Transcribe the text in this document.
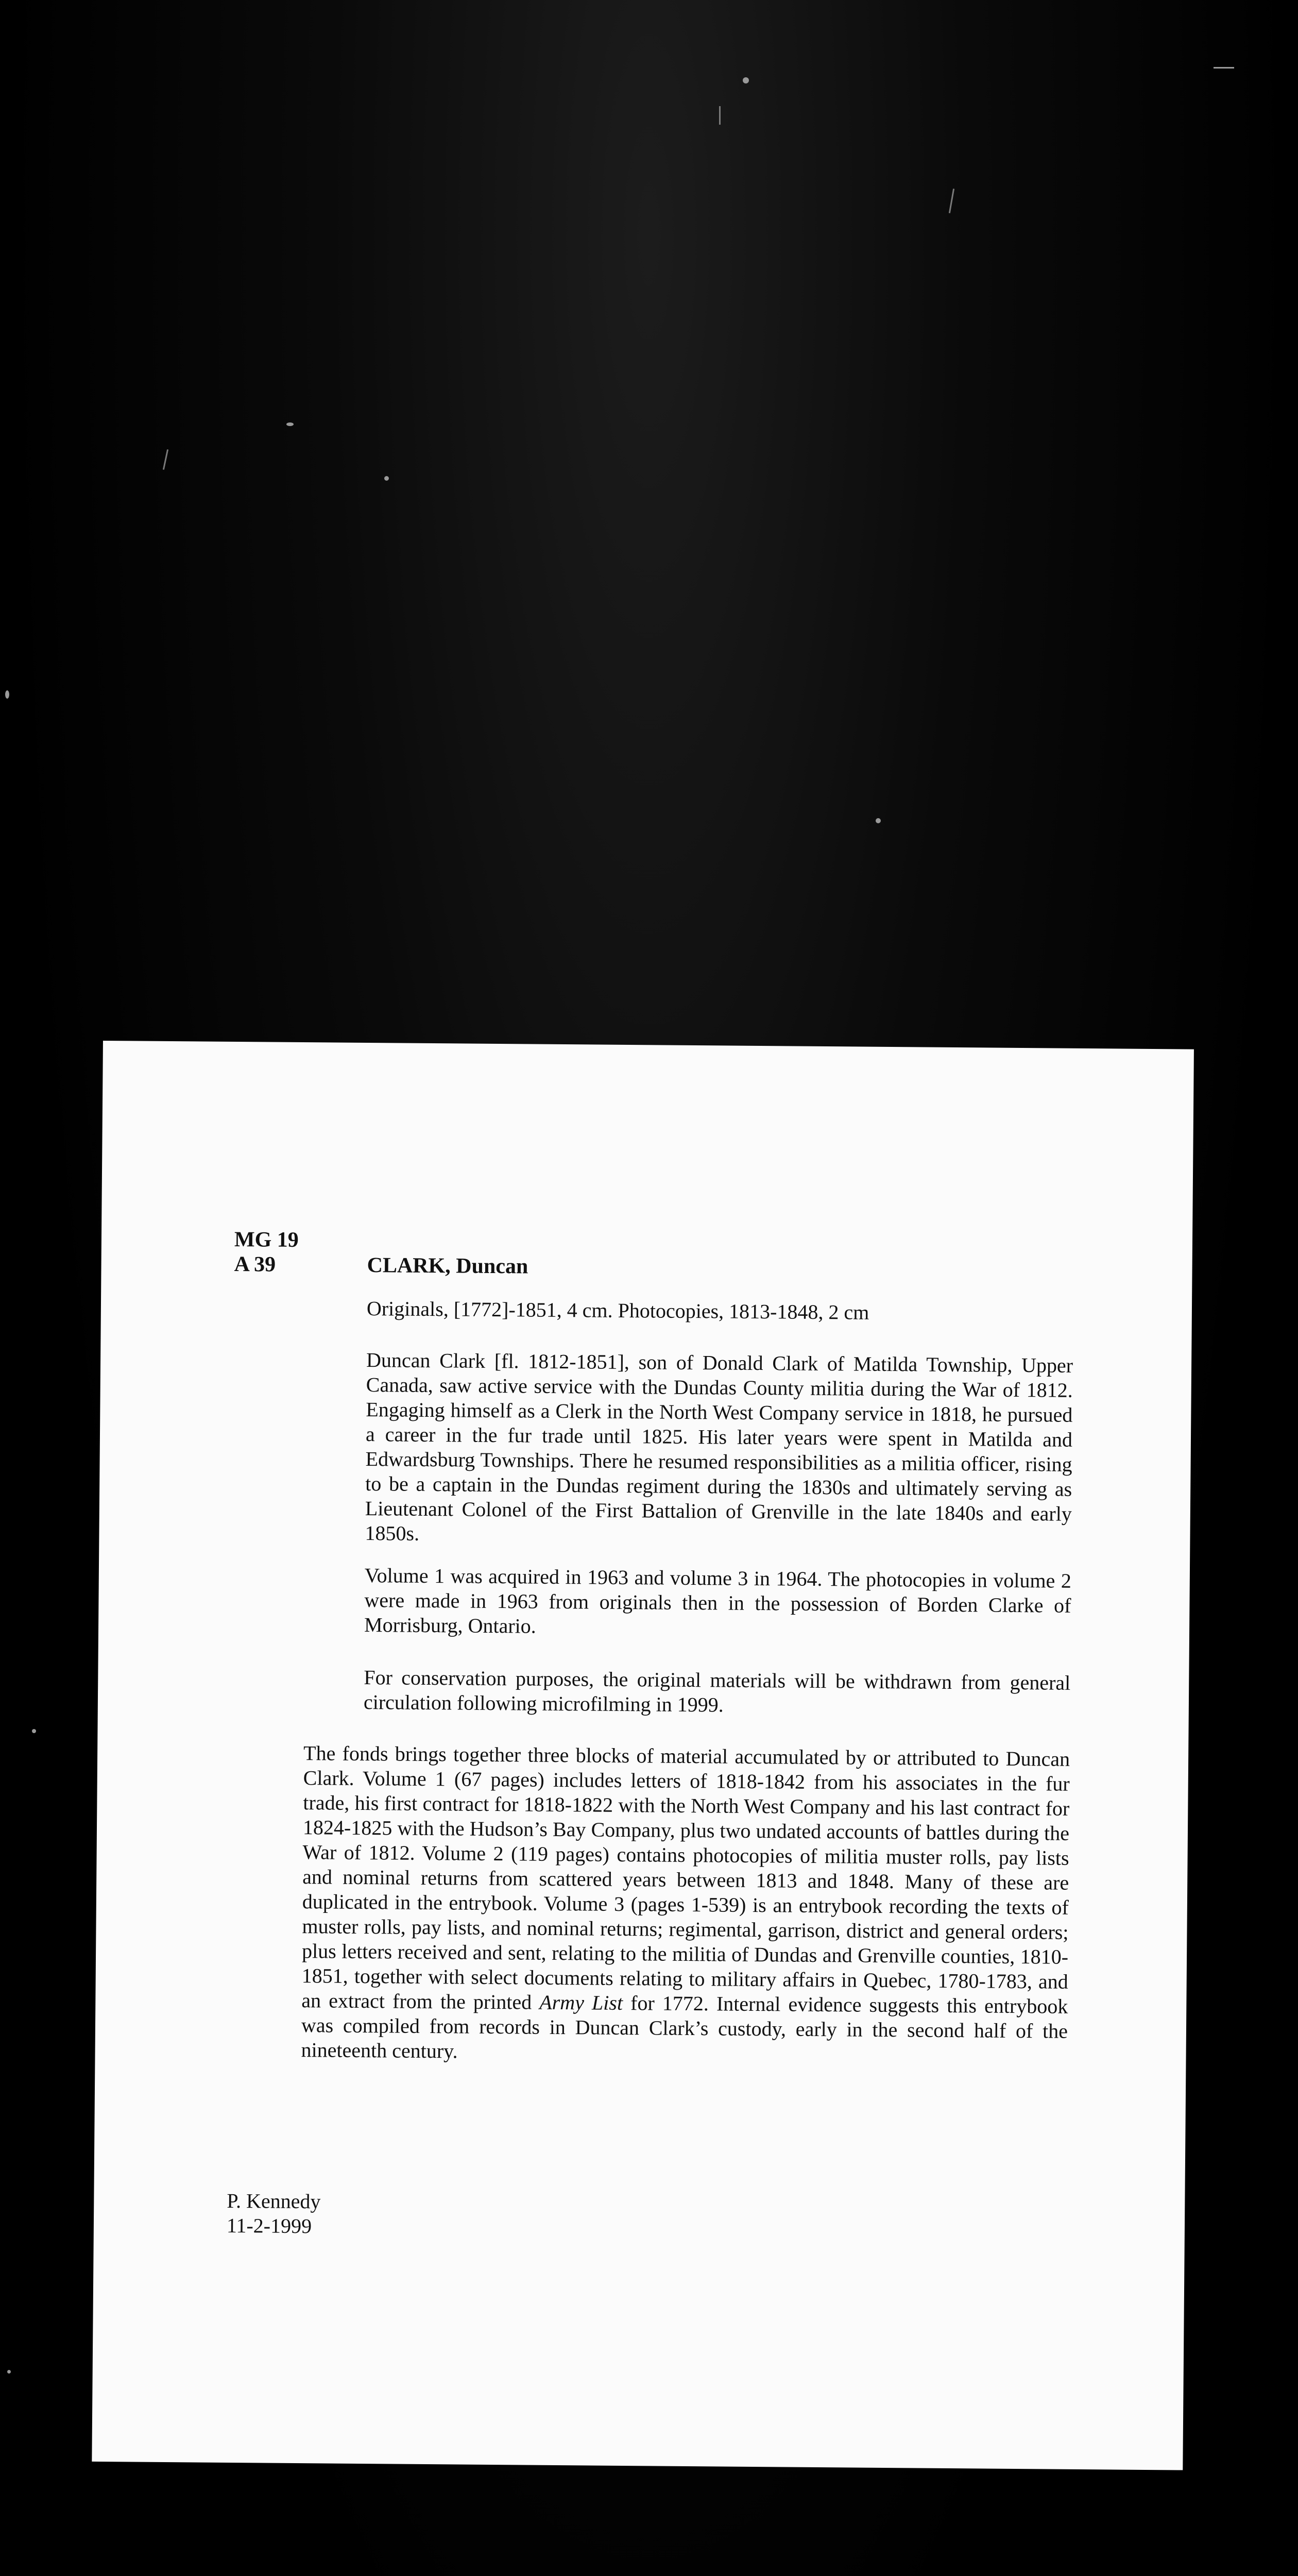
MG 19
A 39	CLARK, Duncan

Originals, [1772]-1851, 4 cm. Photocopies, 1813-1848, 2 cm

Duncan Clark [fl. 1812-1851], son of Donald Clark of Matilda Township, Upper Canada, saw active service with the Dundas County militia during the War of 1812. Engaging himself as a Clerk in the North West Company service in 1818, he pursued a career in the fur trade until 1825. His later years were spent in Matilda and Edwardsburg Townships. There he resumed responsibilities as a militia officer, rising to be a captain in the Dundas regiment during the 1830s and ultimately serving as Lieutenant Colonel of the First Battalion of Grenville in the late 1840s and early 1850s.

Volume 1 was acquired in 1963 and volume 3 in 1964. The photocopies in volume 2 were made in 1963 from originals then in the possession of Borden Clarke of Morrisburg, Ontario.

For conservation purposes, the original materials will be withdrawn from general circulation following microfilming in 1999.

The fonds brings together three blocks of material accumulated by or attributed to Duncan Clark. Volume 1 (67 pages) includes letters of 1818-1842 from his associates in the fur trade, his first contract for 1818-1822 with the North West Company and his last contract for 1824-1825 with the Hudson’s Bay Company, plus two undated accounts of battles during the War of 1812. Volume 2 (119 pages) contains photocopies of militia muster rolls, pay lists and nominal returns from scattered years between 1813 and 1848. Many of these are duplicated in the entrybook. Volume 3 (pages 1-539) is an entrybook recording the texts of muster rolls, pay lists, and nominal returns; regimental, garrison, district and general orders; plus letters received and sent, relating to the militia of Dundas and Grenville counties, 1810-1851, together with select documents relating to military affairs in Quebec, 1780-1783, and an extract from the printed Army List for 1772. Internal evidence suggests this entrybook was compiled from records in Duncan Clark’s custody, early in the second half of the nineteenth century.

P. Kennedy
11-2-1999
